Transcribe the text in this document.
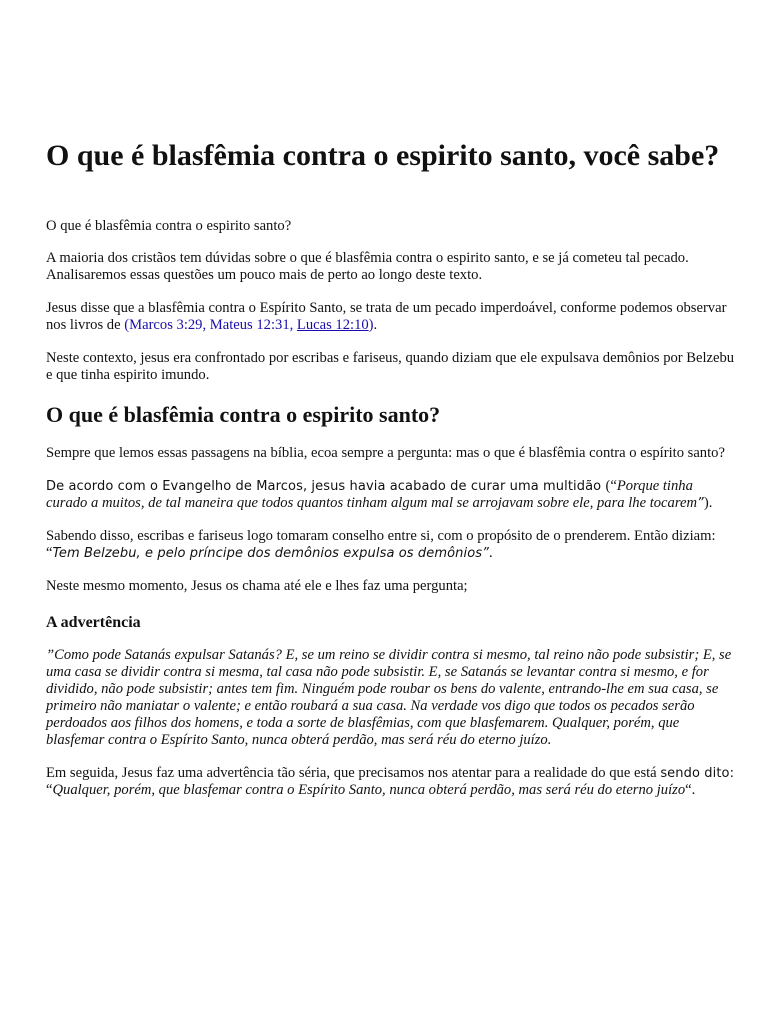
O que é blasfêmia contra o espirito santo, você sabe?

O que é blasfêmia contra o espirito santo?

A maioria dos cristãos tem dúvidas sobre o que é blasfêmia contra o espirito santo, e se já cometeu tal pecado. Analisaremos essas questões um pouco mais de perto ao longo deste texto.

Jesus disse que a blasfêmia contra o Espírito Santo, se trata de um pecado imperdoável, conforme podemos observar nos livros de (Marcos 3:29, Mateus 12:31, Lucas 12:10).

Neste contexto, jesus era confrontado por escribas e fariseus, quando diziam que ele expulsava demônios por Belzebu e que tinha espirito imundo.

O que é blasfêmia contra o espirito santo?

Sempre que lemos essas passagens na bíblia, ecoa sempre a pergunta: mas o que é blasfêmia contra o espírito santo?

De acordo com o Evangelho de Marcos, jesus havia acabado de curar uma multidão (“Porque tinha curado a muitos, de tal maneira que todos quantos tinham algum mal se arrojavam sobre ele, para lhe tocarem”).

Sabendo disso, escribas e fariseus logo tomaram conselho entre si, com o propósito de o prenderem. Então diziam: “Tem Belzebu, e pelo príncipe dos demônios expulsa os demônios”.

Neste mesmo momento, Jesus os chama até ele e lhes faz uma pergunta;

A advertência

”Como pode Satanás expulsar Satanás? E, se um reino se dividir contra si mesmo, tal reino não pode subsistir; E, se uma casa se dividir contra si mesma, tal casa não pode subsistir. E, se Satanás se levantar contra si mesmo, e for dividido, não pode subsistir; antes tem fim. Ninguém pode roubar os bens do valente, entrando-lhe em sua casa, se primeiro não maniatar o valente; e então roubará a sua casa. Na verdade vos digo que todos os pecados serão perdoados aos filhos dos homens, e toda a sorte de blasfêmias, com que blasfemarem. Qualquer, porém, que blasfemar contra o Espírito Santo, nunca obterá perdão, mas será réu do eterno juízo.

Em seguida, Jesus faz uma advertência tão séria, que precisamos nos atentar para a realidade do que está sendo dito: “Qualquer, porém, que blasfemar contra o Espírito Santo, nunca obterá perdão, mas será réu do eterno juízo“.
